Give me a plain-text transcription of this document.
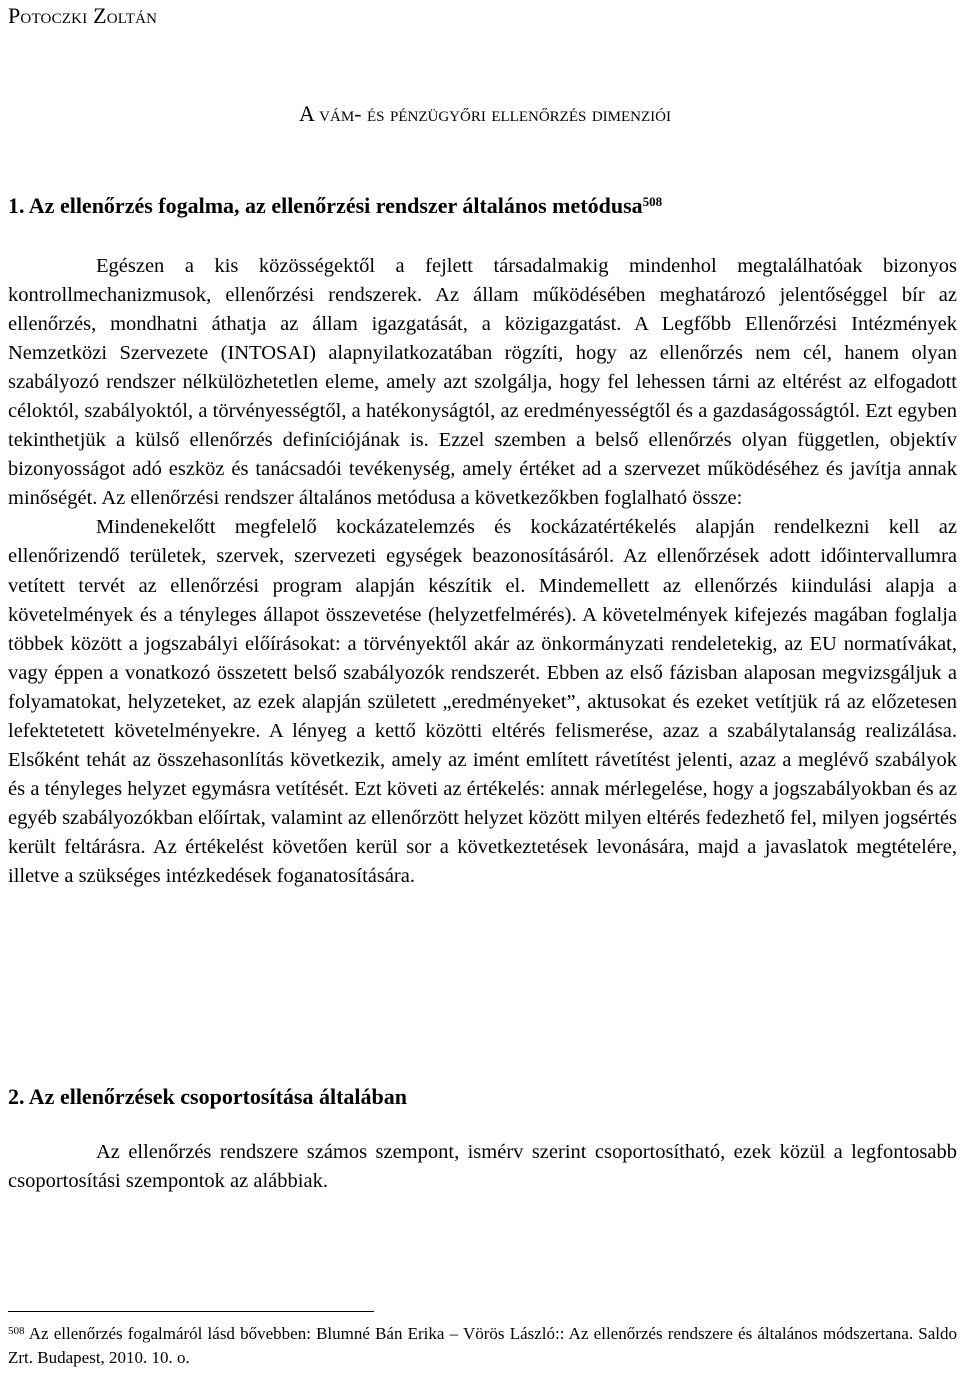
Potoczki Zoltán
A vám- és pénzügyőri ellenőrzés dimenziói
1. Az ellenőrzés fogalma, az ellenőrzési rendszer általános metódusa$^{508}$
Egészen a kis közösségektől a fejlett társadalmakig mindenhol megtalálhatóak bizonyos kontrollmechanizmusok, ellenőrzési rendszerek. Az állam működésében meghatározó jelentőséggel bír az ellenőrzés, mondhatni áthatja az állam igazgatását, a közigazgatást. A Legfőbb Ellenőrzési Intézmények Nemzetközi Szervezete (INTOSAI) alapnyilatkozatában rögzíti, hogy az ellenőrzés nem cél, hanem olyan szabályozó rendszer nélkülözhetetlen eleme, amely azt szolgálja, hogy fel lehessen tárni az eltérést az elfogadott céloktól, szabályoktól, a törvényességtől, a hatékonyságtól, az eredményességtől és a gazdaságosságtól. Ezt egyben tekinthetjük a külső ellenőrzés definíciójának is. Ezzel szemben a belső ellenőrzés olyan független, objektív bizonyosságot adó eszköz és tanácsadói tevékenység, amely értéket ad a szervezet működéséhez és javítja annak minőségét. Az ellenőrzési rendszer általános metódusa a következőkben foglalható össze:
Mindenekelőtt megfelelő kockázatelemzés és kockázatértékelés alapján rendelkezni kell az ellenőrizendő területek, szervek, szervezeti egységek beazonosításáról. Az ellenőrzések adott időintervallumra vetített tervét az ellenőrzési program alapján készítik el. Mindemellett az ellenőrzés kiindulási alapja a követelmények és a tényleges állapot összevetése (helyzetfelmérés). A követelmények kifejezés magában foglalja többek között a jogszabályi előírásokat: a törvényektől akár az önkormányzati rendeletekig, az EU normatívákat, vagy éppen a vonatkozó összetett belső szabályozók rendszerét. Ebben az első fázisban alaposan megvizsgáljuk a folyamatokat, helyzeteket, az ezek alapján született „eredményeket”, aktusokat és ezeket vetítjük rá az előzetesen lefektetetett követelményekre. A lényeg a kettő közötti eltérés felismerése, azaz a szabálytalanság realizálása. Elsőként tehát az összehasonlítás következik, amely az imént említett rávetítést jelenti, azaz a meglévő szabályok és a tényleges helyzet egymásra vetítését. Ezt követi az értékelés: annak mérlegelése, hogy a jogszabályokban és az egyéb szabályozókban előírtak, valamint az ellenőrzött helyzet között milyen eltérés fedezhető fel, milyen jogsértés került feltárásra. Az értékelést követően kerül sor a következtetések levonására, majd a javaslatok megtételére, illetve a szükséges intézkedések foganatosítására.
2. Az ellenőrzések csoportosítása általában
Az ellenőrzés rendszere számos szempont, ismérv szerint csoportosítható, ezek közül a legfontosabb csoportosítási szempontok az alábbiak.
$^{508}$ Az ellenőrzés fogalmáról lásd bővebben: Blumné Bán Erika – Vörös László:: Az ellenőrzés rendszere és általános módszertana. Saldo Zrt. Budapest, 2010. 10. o.
